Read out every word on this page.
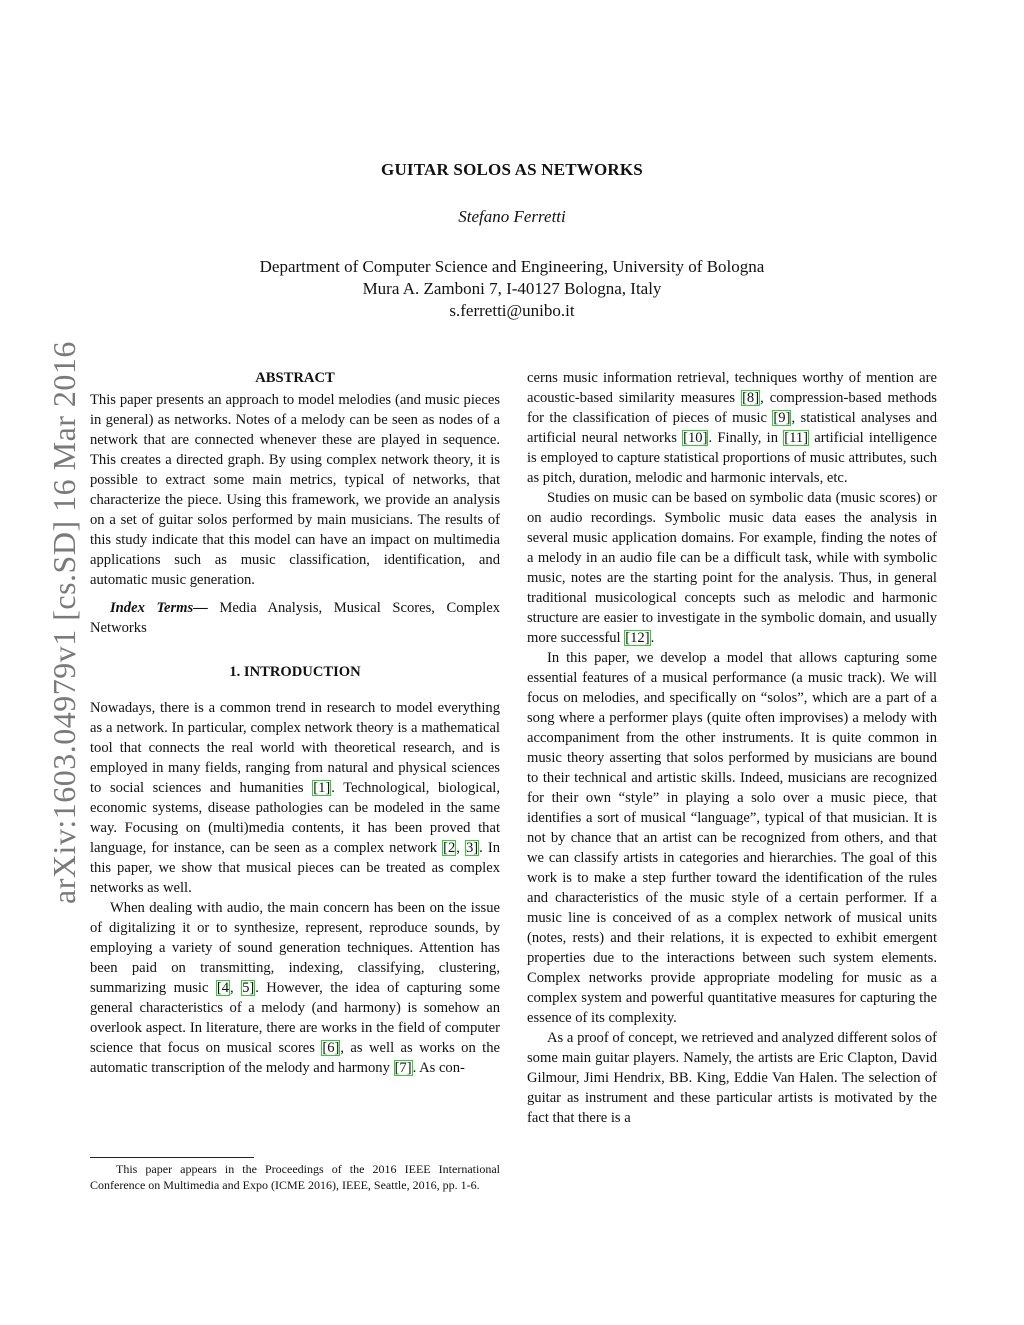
arXiv:1603.04979v1 [cs.SD] 16 Mar 2016
GUITAR SOLOS AS NETWORKS
Stefano Ferretti
Department of Computer Science and Engineering, University of Bologna
Mura A. Zamboni 7, I-40127 Bologna, Italy
s.ferretti@unibo.it
ABSTRACT

This paper presents an approach to model melodies (and music pieces in general) as networks. Notes of a melody can be seen as nodes of a network that are connected whenever these are played in sequence. This creates a directed graph. By using complex network theory, it is possible to extract some main metrics, typical of networks, that characterize the piece. Using this framework, we provide an analysis on a set of guitar solos performed by main musicians. The results of this study indicate that this model can have an impact on multimedia applications such as music classification, identification, and automatic music generation.

Index Terms— Media Analysis, Musical Scores, Complex Networks

1. INTRODUCTION

Nowadays, there is a common trend in research to model everything as a network. In particular, complex network theory is a mathematical tool that connects the real world with theoretical research, and is employed in many fields, ranging from natural and physical sciences to social sciences and humanities [1]. Technological, biological, economic systems, disease pathologies can be modeled in the same way. Focusing on (multi)media contents, it has been proved that language, for instance, can be seen as a complex network [2, 3]. In this paper, we show that musical pieces can be treated as complex networks as well.

When dealing with audio, the main concern has been on the issue of digitalizing it or to synthesize, represent, reproduce sounds, by employing a variety of sound generation techniques. Attention has been paid on transmitting, indexing, classifying, clustering, summarizing music [4, 5]. However, the idea of capturing some general characteristics of a melody (and harmony) is somehow an overlook aspect. In literature, there are works in the field of computer science that focus on musical scores [6], as well as works on the automatic transcription of the melody and harmony [7]. As con-

cerns music information retrieval, techniques worthy of mention are acoustic-based similarity measures [8], compression-based methods for the classification of pieces of music [9], statistical analyses and artificial neural networks [10]. Finally, in [11] artificial intelligence is employed to capture statistical proportions of music attributes, such as pitch, duration, melodic and harmonic intervals, etc.

Studies on music can be based on symbolic data (music scores) or on audio recordings. Symbolic music data eases the analysis in several music application domains. For example, finding the notes of a melody in an audio file can be a difficult task, while with symbolic music, notes are the starting point for the analysis. Thus, in general traditional musicological concepts such as melodic and harmonic structure are easier to investigate in the symbolic domain, and usually more successful [12].

In this paper, we develop a model that allows capturing some essential features of a musical performance (a music track). We will focus on melodies, and specifically on “solos”, which are a part of a song where a performer plays (quite often improvises) a melody with accompaniment from the other instruments. It is quite common in music theory asserting that solos performed by musicians are bound to their technical and artistic skills. Indeed, musicians are recognized for their own “style” in playing a solo over a music piece, that identifies a sort of musical “language”, typical of that musician. It is not by chance that an artist can be recognized from others, and that we can classify artists in categories and hierarchies. The goal of this work is to make a step further toward the identification of the rules and characteristics of the music style of a certain performer. If a music line is conceived of as a complex network of musical units (notes, rests) and their relations, it is expected to exhibit emergent properties due to the interactions between such system elements. Complex networks provide appropriate modeling for music as a complex system and powerful quantitative measures for capturing the essence of its complexity.

As a proof of concept, we retrieved and analyzed different solos of some main guitar players. Namely, the artists are Eric Clapton, David Gilmour, Jimi Hendrix, BB. King, Eddie Van Halen. The selection of guitar as instrument and these particular artists is motivated by the fact that there is a

This paper appears in the Proceedings of the 2016 IEEE International Conference on Multimedia and Expo (ICME 2016), IEEE, Seattle, 2016, pp. 1-6.
